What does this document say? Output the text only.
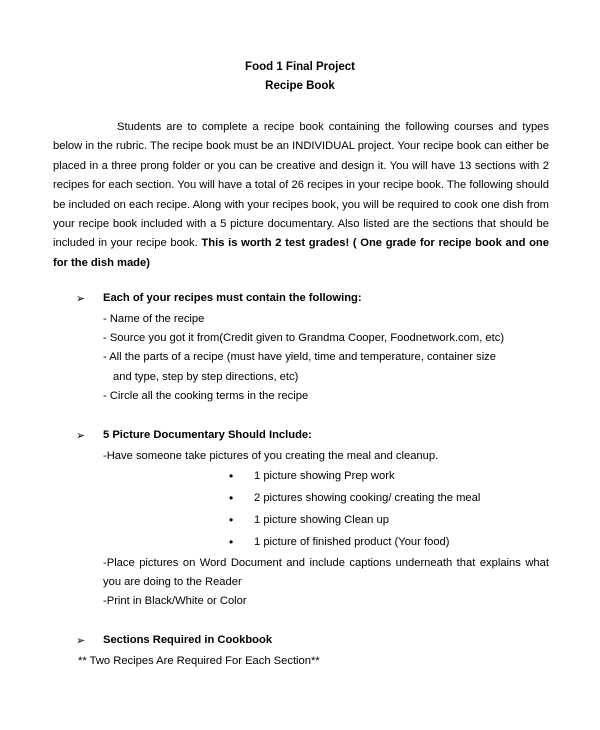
Food 1 Final Project
Recipe Book

Students are to complete a recipe book containing the following courses and types below in the rubric. The recipe book must be an INDIVIDUAL project. Your recipe book can either be placed in a three prong folder or you can be creative and design it. You will have 13 sections with 2 recipes for each section. You will have a total of 26 recipes in your recipe book. The following should be included on each recipe. Along with your recipes book, you will be required to cook one dish from your recipe book included with a 5 picture documentary. Also listed are the sections that should be included in your recipe book. This is worth 2 test grades! ( One grade for recipe book and one for the dish made)

➢ Each of your recipes must contain the following:
- Name of the recipe
- Source you got it from(Credit given to Grandma Cooper, Foodnetwork.com, etc)
- All the parts of a recipe (must have yield, time and temperature, container size
and type, step by step directions, etc)
- Circle all the cooking terms in the recipe
➢ 5 Picture Documentary Should Include:
-Have someone take pictures of you creating the meal and cleanup.
• 1 picture showing Prep work
• 2 pictures showing cooking/ creating the meal
• 1 picture showing Clean up
• 1 picture of finished product (Your food)
-Place pictures on Word Document and include captions underneath that explains what
you are doing to the Reader
-Print in Black/White or Color
➢ Sections Required in Cookbook
** Two Recipes Are Required For Each Section**
